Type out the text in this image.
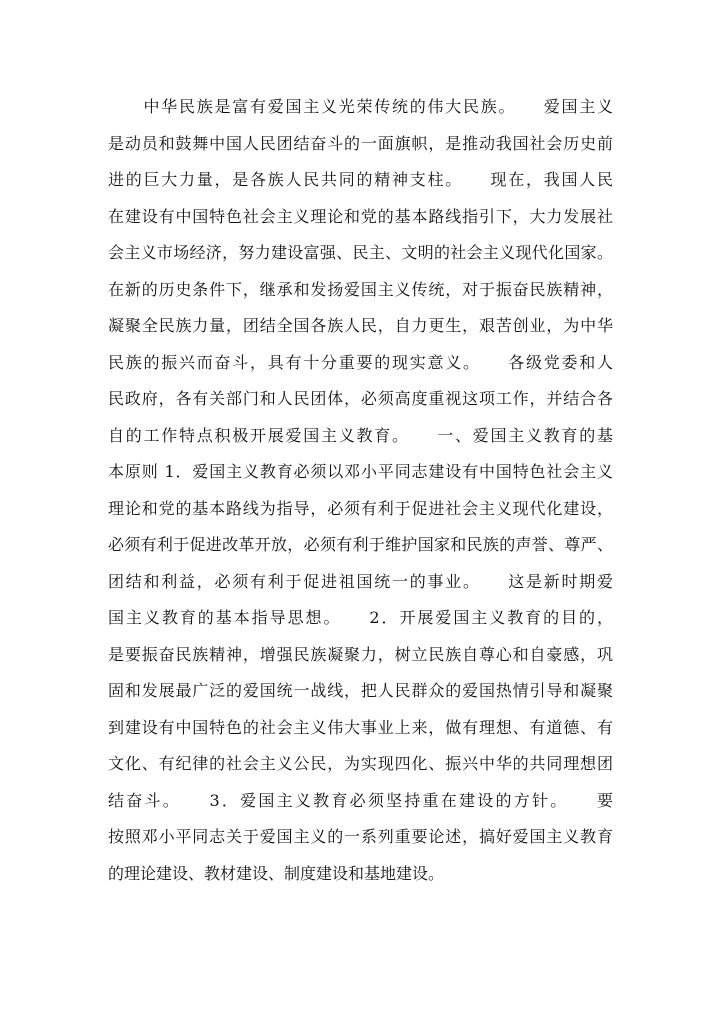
　　中华民族是富有爱国主义光荣传统的伟大民族。　　爱国主义
是动员和鼓舞中国人民团结奋斗的一面旗帜，是推动我国社会历史前
进的巨大力量，是各族人民共同的精神支柱。　　现在，我国人民
在建设有中国特色社会主义理论和党的基本路线指引下，大力发展社
会主义市场经济，努力建设富强、民主、文明的社会主义现代化国家。
在新的历史条件下，继承和发扬爱国主义传统，对于振奋民族精神，
凝聚全民族力量，团结全国各族人民，自力更生，艰苦创业，为中华
民族的振兴而奋斗，具有十分重要的现实意义。　　各级党委和人
民政府，各有关部门和人民团体，必须高度重视这项工作，并结合各
自的工作特点积极开展爱国主义教育。　　一、爱国主义教育的基
本原则 1．爱国主义教育必须以邓小平同志建设有中国特色社会主义
理论和党的基本路线为指导，必须有利于促进社会主义现代化建设，
必须有利于促进改革开放，必须有利于维护国家和民族的声誉、尊严、
团结和利益，必须有利于促进祖国统一的事业。　　这是新时期爱
国主义教育的基本指导思想。　　2．开展爱国主义教育的目的，
是要振奋民族精神，增强民族凝聚力，树立民族自尊心和自豪感，巩
固和发展最广泛的爱国统一战线，把人民群众的爱国热情引导和凝聚
到建设有中国特色的社会主义伟大事业上来，做有理想、有道德、有
文化、有纪律的社会主义公民，为实现四化、振兴中华的共同理想团
结奋斗。　　3．爱国主义教育必须坚持重在建设的方针。　　要
按照邓小平同志关于爱国主义的一系列重要论述，搞好爱国主义教育
的理论建设、教材建设、制度建设和基地建设。
